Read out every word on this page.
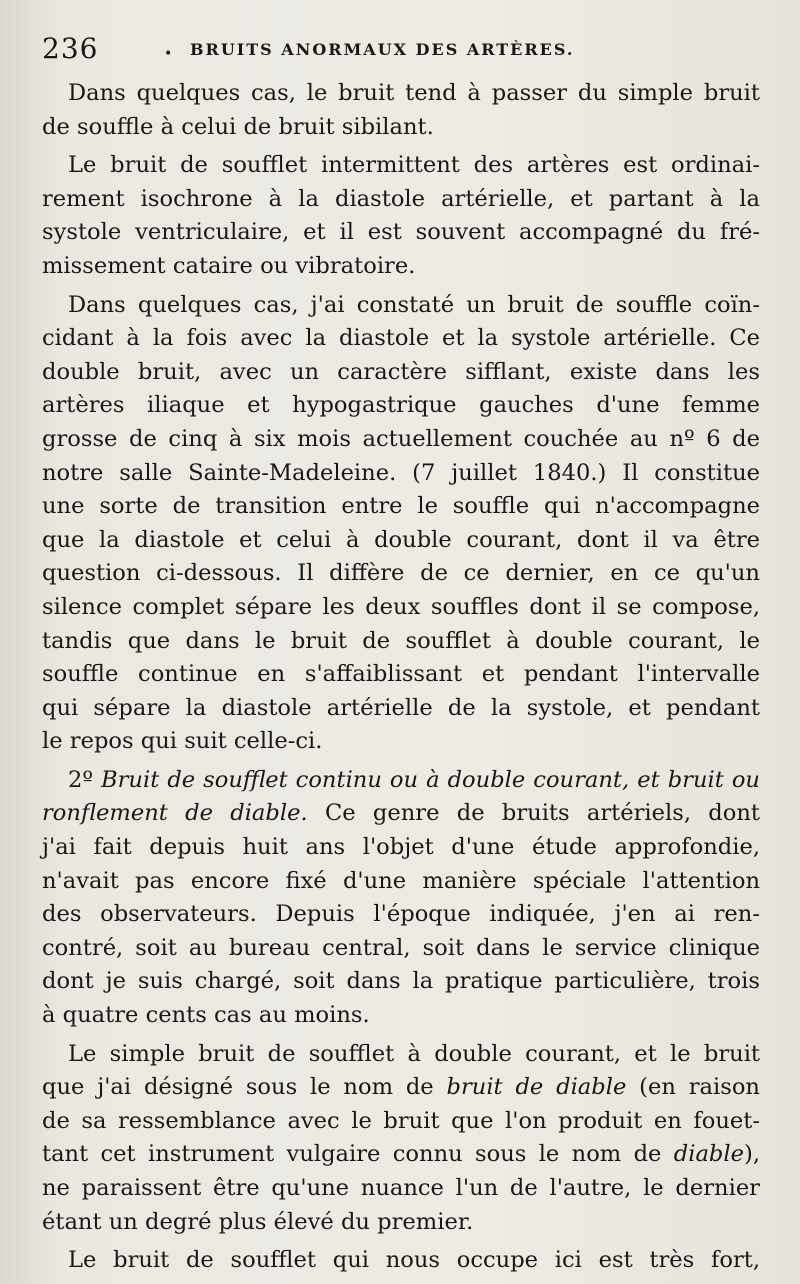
236	• BRUITS ANORMAUX DES ARTÈRES.
Dans quelques cas, le bruit tend à passer du simple bruit
de souffle à celui de bruit sibilant.
Le bruit de soufflet intermittent des artères est ordinai-
rement isochrone à la diastole artérielle, et partant à la
systole ventriculaire, et il est souvent accompagné du fré-
missement cataire ou vibratoire.
Dans quelques cas, j'ai constaté un bruit de souffle coïn-
cidant à la fois avec la diastole et la systole artérielle. Ce
double bruit, avec un caractère sifflant, existe dans les
artères iliaque et hypogastrique gauches d'une femme
grosse de cinq à six mois actuellement couchée au nº 6 de
notre salle Sainte-Madeleine. (7 juillet 1840.) Il constitue
une sorte de transition entre le souffle qui n'accompagne
que la diastole et celui à double courant, dont il va être
question ci-dessous. Il diffère de ce dernier, en ce qu'un
silence complet sépare les deux souffles dont il se compose,
tandis que dans le bruit de soufflet à double courant, le
souffle continue en s'affaiblissant et pendant l'intervalle
qui sépare la diastole artérielle de la systole, et pendant
le repos qui suit celle-ci.
2º Bruit de soufflet continu ou à double courant, et bruit ou
ronflement de diable. Ce genre de bruits artériels, dont
j'ai fait depuis huit ans l'objet d'une étude approfondie,
n'avait pas encore fixé d'une manière spéciale l'attention
des observateurs. Depuis l'époque indiquée, j'en ai ren-
contré, soit au bureau central, soit dans le service clinique
dont je suis chargé, soit dans la pratique particulière, trois
à quatre cents cas au moins.
Le simple bruit de soufflet à double courant, et le bruit
que j'ai désigné sous le nom de bruit de diable (en raison
de sa ressemblance avec le bruit que l'on produit en fouet-
tant cet instrument vulgaire connu sous le nom de diable),
ne paraissent être qu'une nuance l'un de l'autre, le dernier
étant un degré plus élevé du premier.
Le bruit de soufflet qui nous occupe ici est très fort,
